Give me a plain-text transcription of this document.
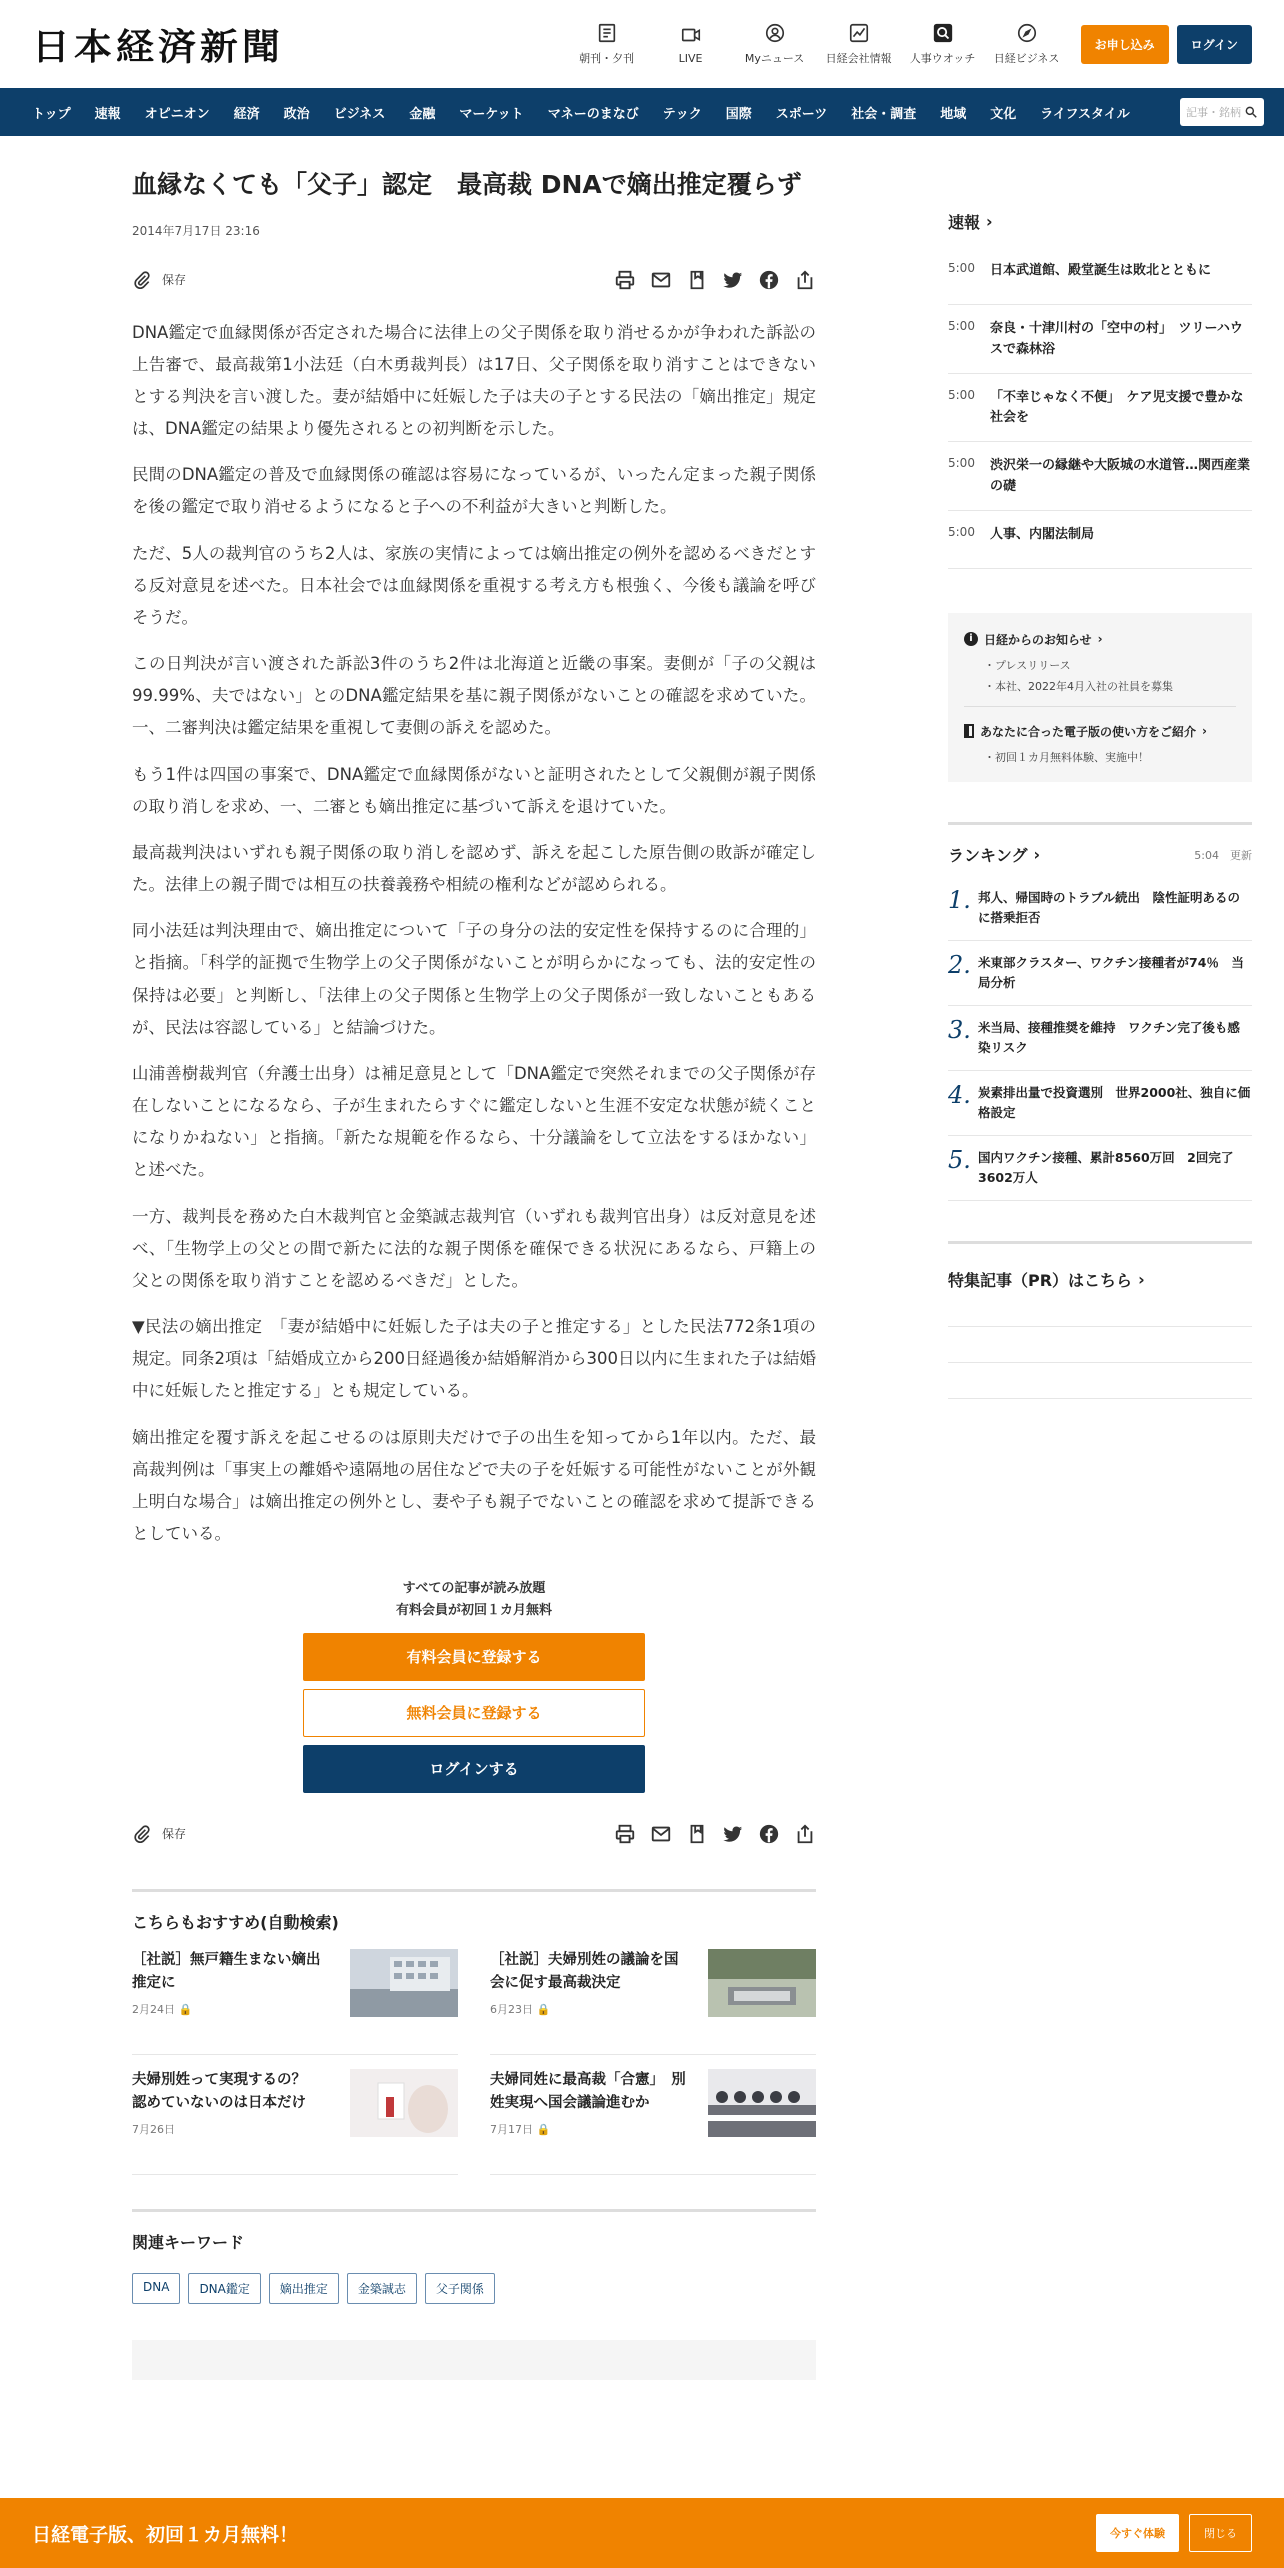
日本経済新聞	朝刊・夕刊	LIVE	Myニュース 日経会社情報 人事ウオッチ 日経ビジネス
お申し込み	ログイン
トップ	速報	オピニオン	経済	政治	ビジネス	金融	マーケット	マネーのまなび	テック	国際	スポーツ	社会・調査	地域	文化	ライフスタイル	記事・銘柄
血縁なくても「父子」認定　最高裁 DNAで嫡出推定覆らず
2014年7月17日 23:16
保存

DNA鑑定で血縁関係が否定された場合に法律上の父子関係を取り消せるかが争われた訴訟の上告審で、最高裁第1小法廷（白木勇裁判長）は17日、父子関係を取り消すことはできないとする判決を言い渡した。妻が結婚中に妊娠した子は夫の子とする民法の「嫡出推定」規定は、DNA鑑定の結果より優先されるとの初判断を示した。

民間のDNA鑑定の普及で血縁関係の確認は容易になっているが、いったん定まった親子関係を後の鑑定で取り消せるようになると子への不利益が大きいと判断した。

ただ、5人の裁判官のうち2人は、家族の実情によっては嫡出推定の例外を認めるべきだとする反対意見を述べた。日本社会では血縁関係を重視する考え方も根強く、今後も議論を呼びそうだ。

この日判決が言い渡された訴訟3件のうち2件は北海道と近畿の事案。妻側が「子の父親は99.99%、夫ではない」とのDNA鑑定結果を基に親子関係がないことの確認を求めていた。一、二審判決は鑑定結果を重視して妻側の訴えを認めた。

もう1件は四国の事案で、DNA鑑定で血縁関係がないと証明されたとして父親側が親子関係の取り消しを求め、一、二審とも嫡出推定に基づいて訴えを退けていた。

最高裁判決はいずれも親子関係の取り消しを認めず、訴えを起こした原告側の敗訴が確定した。法律上の親子間では相互の扶養義務や相続の権利などが認められる。

同小法廷は判決理由で、嫡出推定について「子の身分の法的安定性を保持するのに合理的」と指摘。「科学的証拠で生物学上の父子関係がないことが明らかになっても、法的安定性の保持は必要」と判断し、「法律上の父子関係と生物学上の父子関係が一致しないこともあるが、民法は容認している」と結論づけた。

山浦善樹裁判官（弁護士出身）は補足意見として「DNA鑑定で突然それまでの父子関係が存在しないことになるなら、子が生まれたらすぐに鑑定しないと生涯不安定な状態が続くことになりかねない」と指摘。「新たな規範を作るなら、十分議論をして立法をするほかない」と述べた。

一方、裁判長を務めた白木裁判官と金築誠志裁判官（いずれも裁判官出身）は反対意見を述べ、「生物学上の父との間で新たに法的な親子関係を確保できる状況にあるなら、戸籍上の父との関係を取り消すことを認めるべきだ」とした。

▼民法の嫡出推定　「妻が結婚中に妊娠した子は夫の子と推定する」とした民法772条1項の規定。同条2項は「結婚成立から200日経過後か結婚解消から300日以内に生まれた子は結婚中に妊娠したと推定する」とも規定している。

嫡出推定を覆す訴えを起こせるのは原則夫だけで子の出生を知ってから1年以内。ただ、最高裁判例は「事実上の離婚や遠隔地の居住などで夫の子を妊娠する可能性がないことが外観上明白な場合」は嫡出推定の例外とし、妻や子も親子でないことの確認を求めて提訴できるとしている。

すべての記事が読み放題
有料会員が初回１カ月無料
有料会員に登録する
無料会員に登録する
ログインする
保存
こちらもおすすめ(自動検索)
［社説］無戸籍生まない嫡出推定に
2月24日 🔒
［社説］夫婦別姓の議論を国会に促す最高裁決定
6月23日 🔒
夫婦別姓って実現するの？　認めていないのは日本だけ
7月26日
夫婦同姓に最高裁「合憲」　別姓実現へ国会議論進むか
7月17日 🔒
関連キーワード
DNA	DNA鑑定	嫡出推定	金築誠志	父子関係
速報 ›
5:00	日本武道館、殿堂誕生は敗北とともに
5:00	奈良・十津川村の「空中の村」　ツリーハウスで森林浴
5:00	「不幸じゃなく不便」　ケア児支援で豊かな社会を
5:00	渋沢栄一の縁継や大阪城の水道管…関西産業の礎
5:00	人事、内閣法制局
i 日経からのお知らせ ›
・プレスリリース
・本社、2022年4月入社の社員を募集
あなたに合った電子版の使い方をご紹介 ›
・初回１カ月無料体験、実施中！
ランキング ›	5:04　 更新
1. 邦人、帰国時のトラブル続出　陰性証明あるのに搭乗拒否
2. 米東部クラスター、ワクチン接種者が74％　当局分析
3. 米当局、接種推奨を維持　ワクチン完了後も感染リスク
4. 炭素排出量で投資選別　世界2000社、独自に価格設定
5. 国内ワクチン接種、累計8560万回　2回完了3602万人
特集記事（PR）はこちら ›
日経電子版、初回１カ月無料！	今すぐ体験	閉じる
